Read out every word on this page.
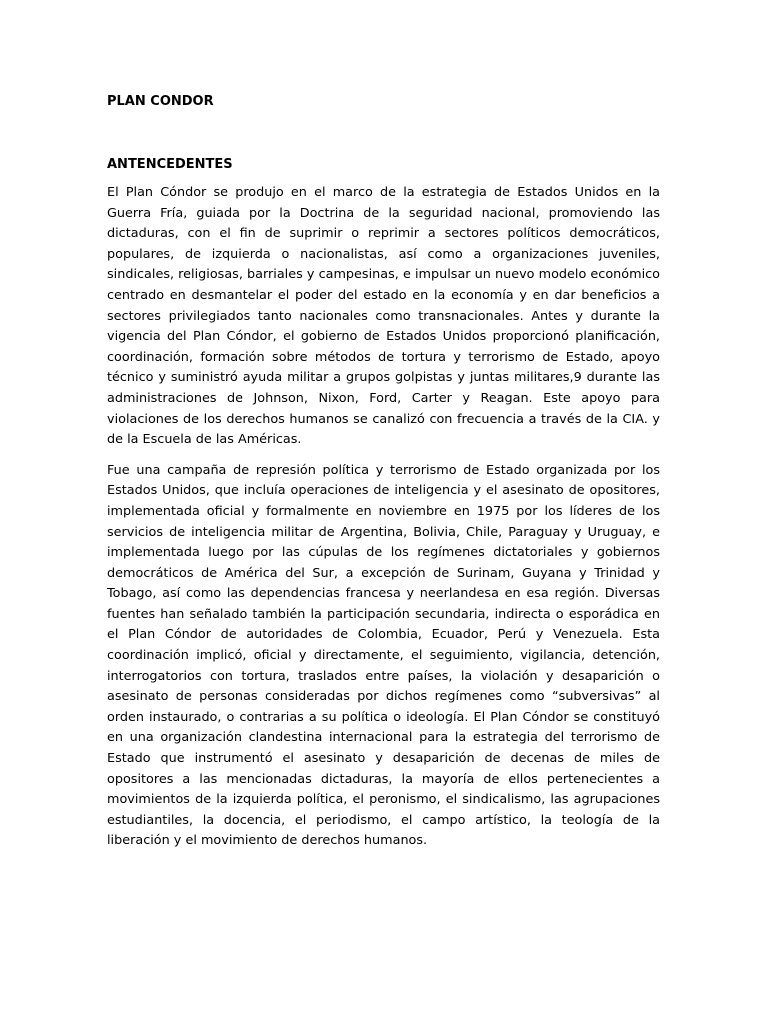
PLAN CONDOR

ANTENCEDENTES

El Plan Cóndor se produjo en el marco de la estrategia de Estados Unidos en la Guerra Fría, guiada por la Doctrina de la seguridad nacional, promoviendo las dictaduras, con el fin de suprimir o reprimir a sectores políticos democráticos, populares, de izquierda o nacionalistas, así como a organizaciones juveniles, sindicales, religiosas, barriales y campesinas, e impulsar un nuevo modelo económico centrado en desmantelar el poder del estado en la economía y en dar beneficios a sectores privilegiados tanto nacionales como transnacionales. Antes y durante la vigencia del Plan Cóndor, el gobierno de Estados Unidos proporcionó planificación, coordinación, formación sobre métodos de tortura y terrorismo de Estado, apoyo técnico y suministró ayuda militar a grupos golpistas y juntas militares,9 durante las administraciones de Johnson, Nixon, Ford, Carter y Reagan. Este apoyo para violaciones de los derechos humanos se canalizó con frecuencia a través de la CIA. y de la Escuela de las Américas.

Fue una campaña de represión política y terrorismo de Estado organizada por los Estados Unidos, que incluía operaciones de inteligencia y el asesinato de opositores, implementada oficial y formalmente en noviembre en 1975 por los líderes de los servicios de inteligencia militar de Argentina, Bolivia, Chile, Paraguay y Uruguay, e implementada luego por las cúpulas de los regímenes dictatoriales y gobiernos democráticos de América del Sur, a excepción de Surinam, Guyana y Trinidad y Tobago, así como las dependencias francesa y neerlandesa en esa región. Diversas fuentes han señalado también la participación secundaria, indirecta o esporádica en el Plan Cóndor de autoridades de Colombia, Ecuador, Perú y Venezuela. Esta coordinación implicó, oficial y directamente, el seguimiento, vigilancia, detención, interrogatorios con tortura, traslados entre países, la violación y desaparición o asesinato de personas consideradas por dichos regímenes como “subversivas” al orden instaurado, o contrarias a su política o ideología. El Plan Cóndor se constituyó en una organización clandestina internacional para la estrategia del terrorismo de Estado que instrumentó el asesinato y desaparición de decenas de miles de opositores a las mencionadas dictaduras, la mayoría de ellos pertenecientes a movimientos de la izquierda política, el peronismo, el sindicalismo, las agrupaciones estudiantiles, la docencia, el periodismo, el campo artístico, la teología de la liberación y el movimiento de derechos humanos.
